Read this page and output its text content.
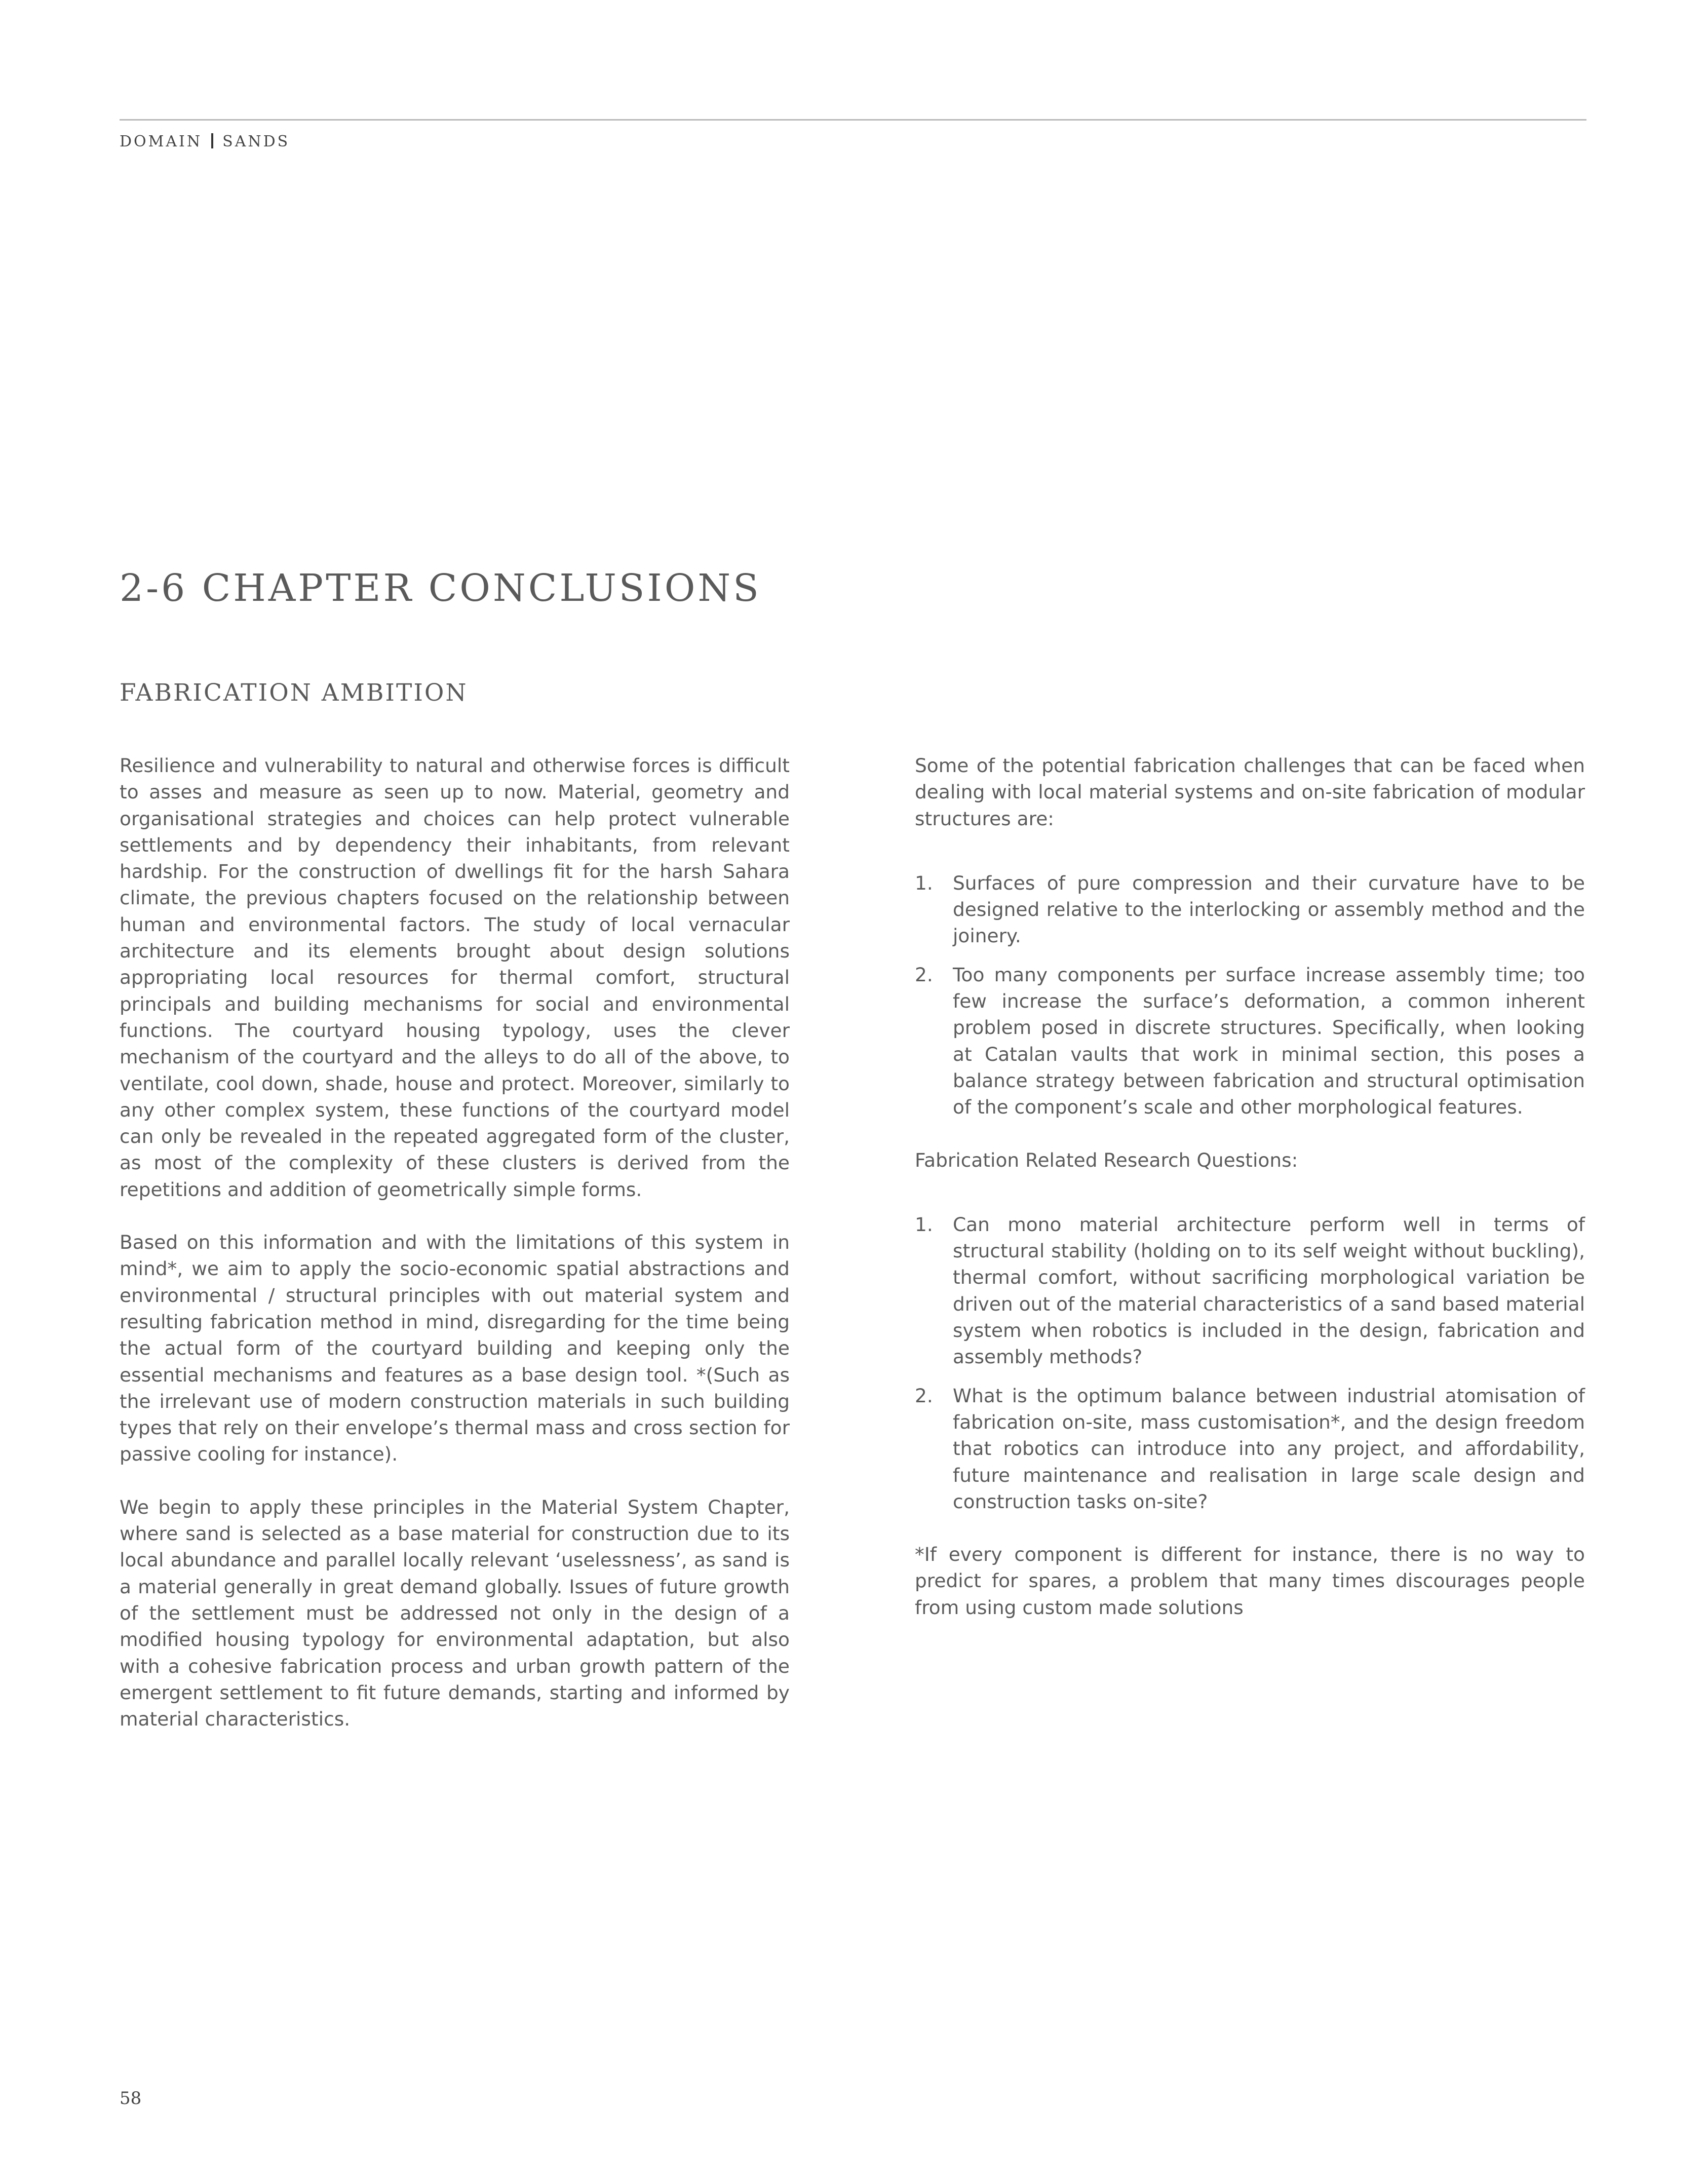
DOMAIN SANDS
2-6 CHAPTER CONCLUSIONS
FABRICATION AMBITION

Resilience and vulnerability to natural and otherwise forces is difficult to asses and measure as seen up to now. Material, geometry and organisational strategies and choices can help protect vulnerable settlements and by dependency their inhabitants, from relevant hardship. For the construction of dwellings fit for the harsh Sahara climate, the previous chapters focused on the relationship between human and environmental factors. The study of local vernacular architecture and its elements brought about design solutions appropriating local resources for thermal comfort, structural principals and building mechanisms for social and environmental functions. The courtyard housing typology, uses the clever mechanism of the courtyard and the alleys to do all of the above, to ventilate, cool down, shade, house and protect. Moreover, similarly to any other complex system, these functions of the courtyard model can only be revealed in the repeated aggregated form of the cluster, as most of the complexity of these clusters is derived from the repetitions and addition of geometrically simple forms.

Based on this information and with the limitations of this system in mind*, we aim to apply the socio-economic spatial abstractions and environmental / structural principles with out material system and resulting fabrication method in mind, disregarding for the time being the actual form of the courtyard building and keeping only the essential mechanisms and features as a base design tool. *(Such as the irrelevant use of modern construction materials in such building types that rely on their envelope’s thermal mass and cross section for passive cooling for instance).

We begin to apply these principles in the Material System Chapter, where sand is selected as a base material for construction due to its local abundance and parallel locally relevant ‘uselessness’, as sand is a material generally in great demand globally. Issues of future growth of the settlement must be addressed not only in the design of a modified housing typology for environmental adaptation, but also with a cohesive fabrication process and urban growth pattern of the emergent settlement to fit future demands, starting and informed by material characteristics.

Some of the potential fabrication challenges that can be faced when dealing with local material systems and on-site fabrication of modular structures are:

1. Surfaces of pure compression and their curvature have to be designed relative to the interlocking or assembly method and the joinery.
2. Too many components per surface increase assembly time; too few increase the surface’s deformation, a common inherent problem posed in discrete structures. Specifically, when looking at Catalan vaults that work in minimal section, this poses a balance strategy between fabrication and structural optimisation of the component’s scale and other morphological features.

Fabrication Related Research Questions:

1. Can mono material architecture perform well in terms of structural stability (holding on to its self weight without buckling), thermal comfort, without sacrificing morphological variation be driven out of the material characteristics of a sand based material system when robotics is included in the design, fabrication and assembly methods?
2. What is the optimum balance between industrial atomisation of fabrication on-site, mass customisation*, and the design freedom that robotics can introduce into any project, and affordability, future maintenance and realisation in large scale design and construction tasks on-site?

*If every component is different for instance, there is no way to predict for spares, a problem that many times discourages people from using custom made solutions

58
